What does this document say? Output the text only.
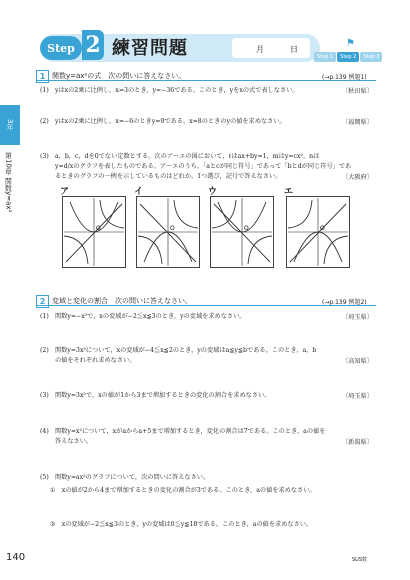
Step 2 練習問題	月	日
⚑
Step 1	Step 2	Step 3
3年
第10章 関数y=ax²
1 関数y=ax²の式　次の問いに答えなさい。	(→p.139 例題1)
(1)　yはxの2乗に比例し，x=3のとき，y=−36である。このとき，yをxの式で表しなさい。	〔秋田県〕
(2)　yはxの2乗に比例し，x=−6のときy=9である。x=8のときのyの値を求めなさい。	〔福岡県〕
(3)　a，b，c，dを0でない定数とする。次のア〜エの図において，ℓはax+by=1，mはy=cx²，nは
y=d/xのグラフを表したものである。ア〜エのうち，「aとcが同じ符号」であって「bとdが同じ符号」であ
るときのグラフの一例を示しているものはどれか。1つ選び，記号で答えなさい。	〔大阪府〕
ア	イ	ウ	エ
O	O	O	O
2 変域と変化の割合　次の問いに答えなさい。	(→p.139 例題2)
(1)　関数y=−x²で，xの変域が−2≦x≦3のとき，yの変域を求めなさい。	〔埼玉県〕
(2)　関数y=3x²について，xの変域が−4≦x≦2のとき，yの変域はa≦y≦bである。このとき，a，b
の値をそれぞれ求めなさい。	〔高知県〕
(3)　関数y=3x²で，xの値が1から3まで増加するときの変化の割合を求めなさい。	〔埼玉県〕
(4)　関数y=x²について，xがaからa+5まで増加するとき，変化の割合は7である。このとき，aの値を
答えなさい。	〔新潟県〕
(5)　関数y=ax²のグラフについて，次の問いに答えなさい。
①　xの値が2から4まで増加するときの変化の割合が3である。このとき，aの値を求めなさい。
②　xの変域が−2≦x≦3のとき，yの変域は0≦y≦18である。このとき，aの値を求めなさい。
140	SUS数
